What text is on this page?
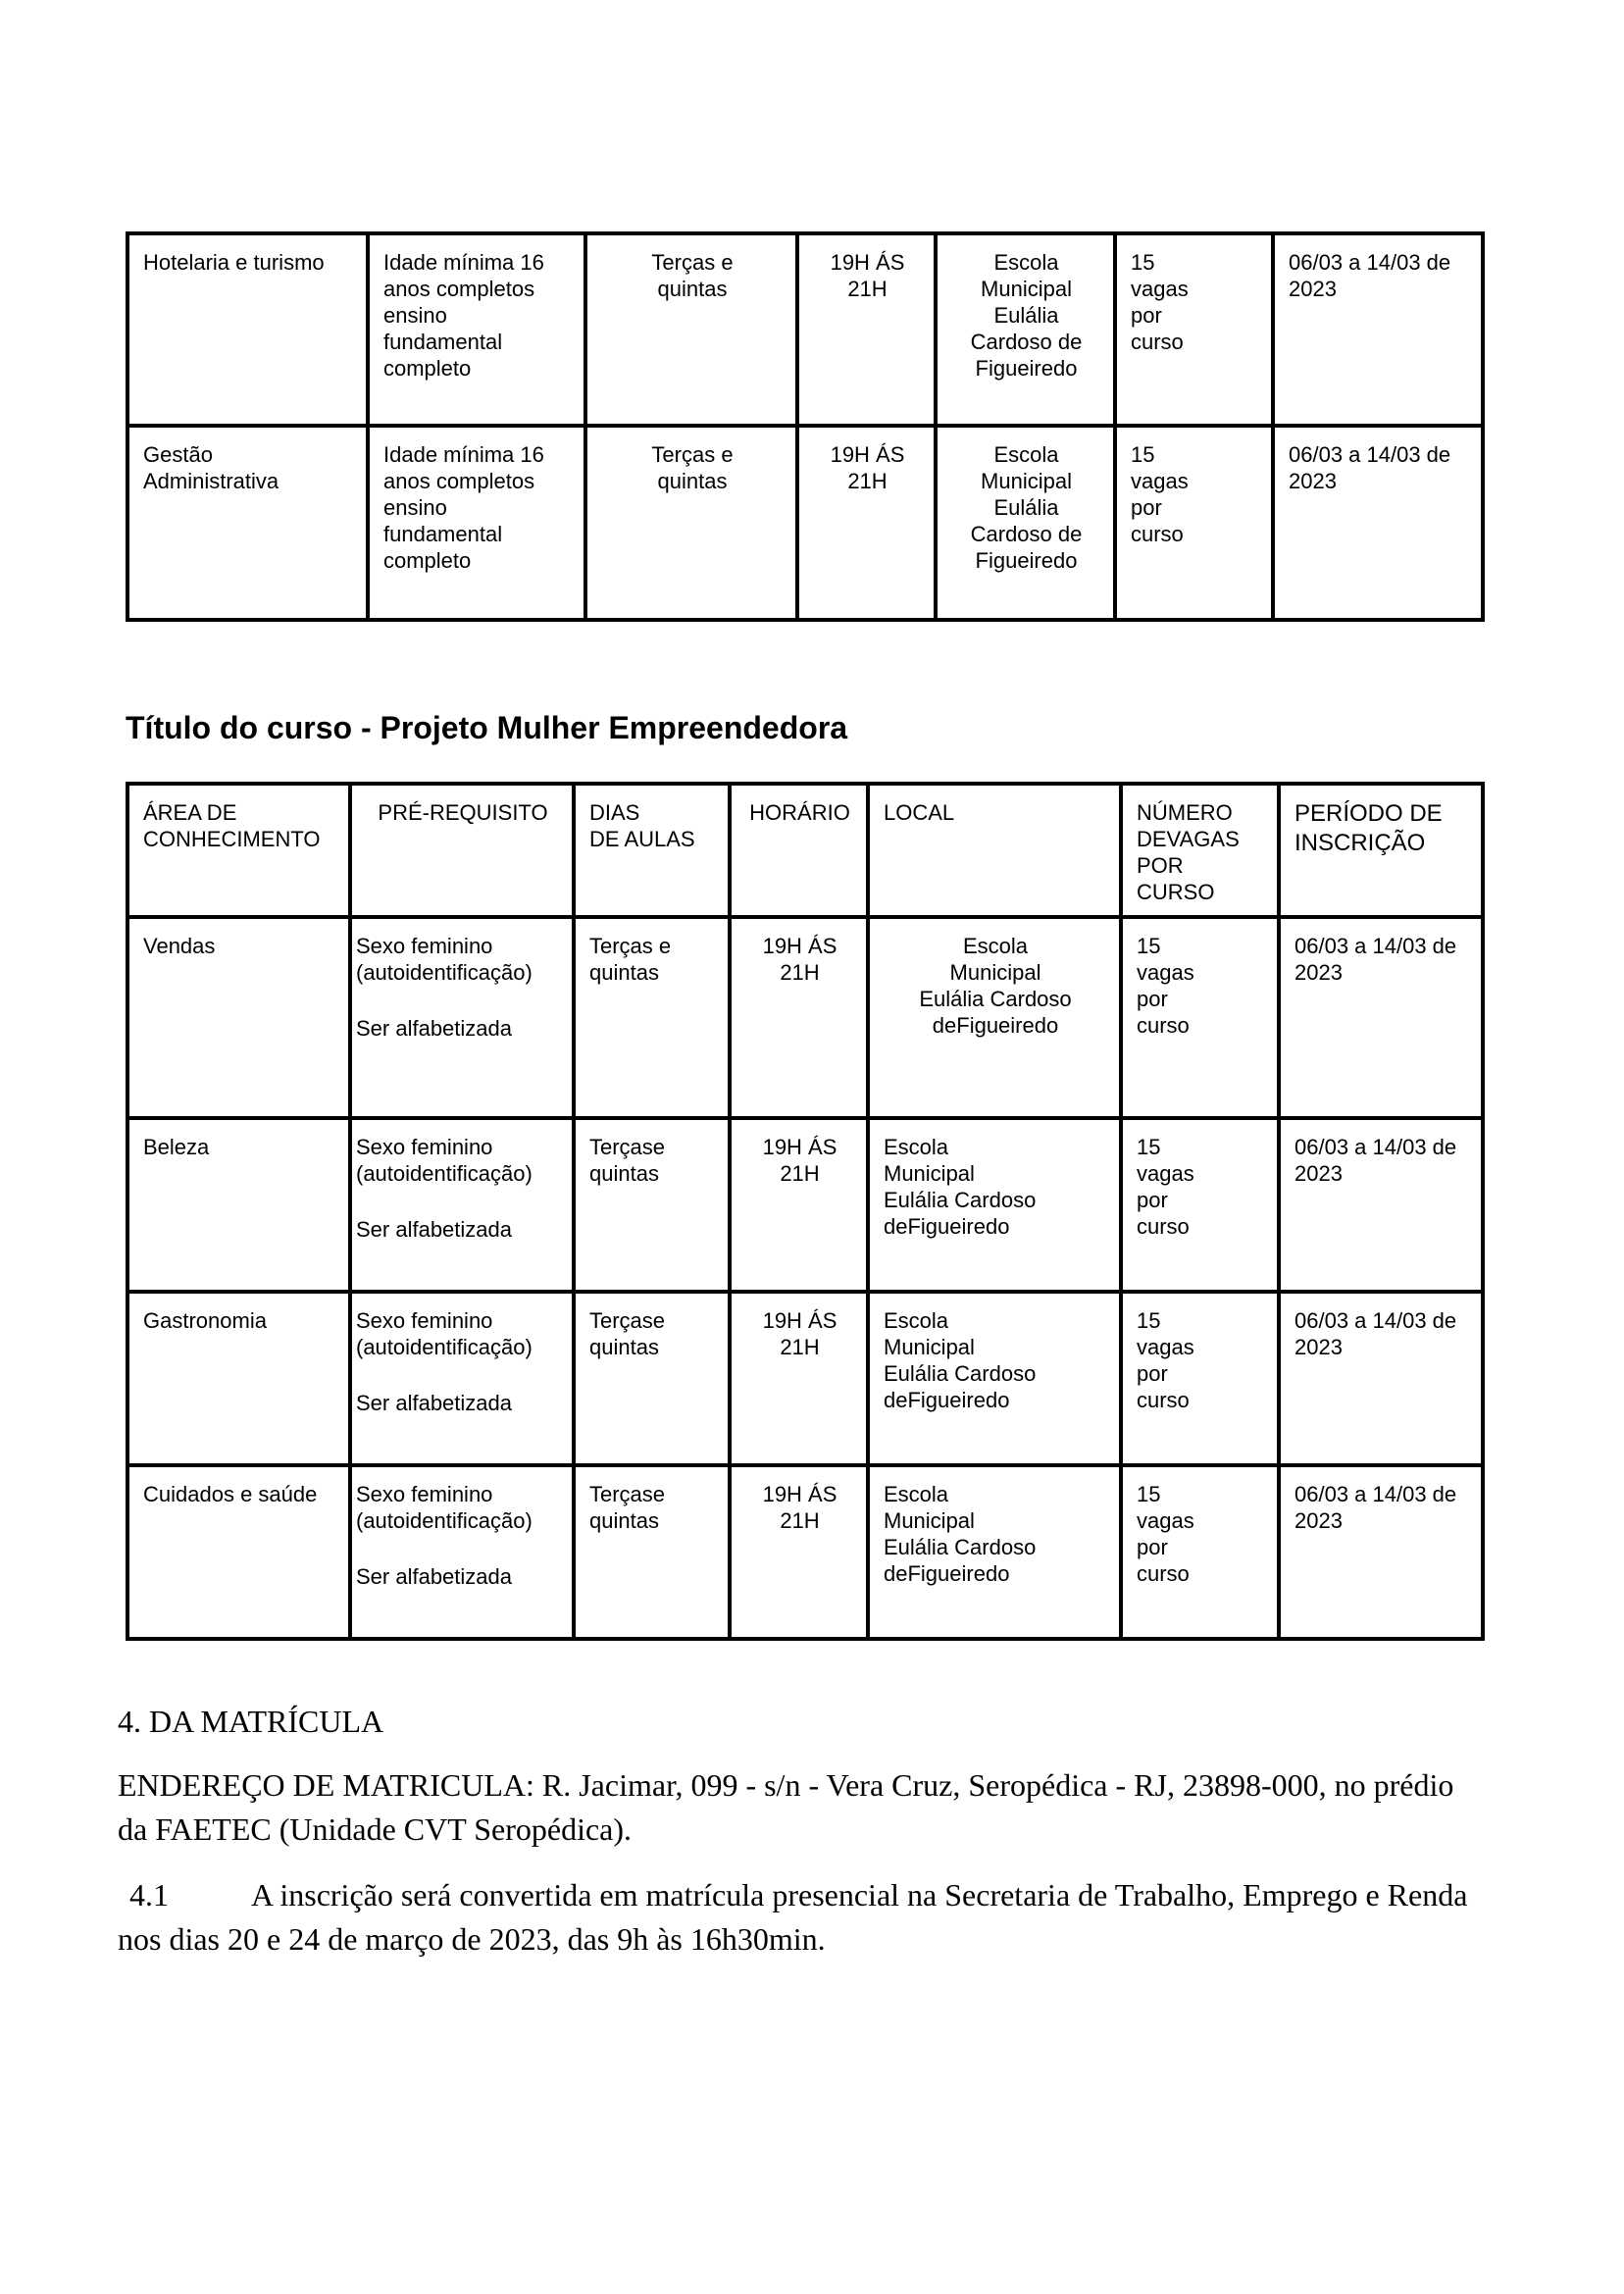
Hotelaria e turismo	Idade mínima 16
anos completos
ensino
fundamental
completo	Terças e
quintas	19H ÁS
21H	Escola
Municipal
Eulália
Cardoso de
Figueiredo	15
vagas
por
curso	06/03 a 14/03 de
2023
Gestão
Administrativa	Idade mínima 16
anos completos
ensino
fundamental
completo	Terças e
quintas	19H ÁS
21H	Escola
Municipal
Eulália
Cardoso de
Figueiredo	15
vagas
por
curso	06/03 a 14/03 de
2023
Título do curso - Projeto Mulher Empreendedora
ÁREA DE
CONHECIMENTO	PRÉ-REQUISITO	DIAS
DE AULAS	HORÁRIO	LOCAL	NÚMERO
DEVAGAS
POR
CURSO	PERÍODO DE
INSCRIÇÃO
Vendas	Sexo feminino
(autoidentificação)
Ser alfabetizada	Terças e
quintas	19H ÁS
21H	Escola
Municipal
Eulália Cardoso
deFigueiredo	15
vagas
por
curso	06/03 a 14/03 de
2023
Beleza	Sexo feminino
(autoidentificação)
Ser alfabetizada	Terçase
quintas	19H ÁS
21H	Escola
Municipal
Eulália Cardoso
deFigueiredo	15
vagas
por
curso	06/03 a 14/03 de
2023
Gastronomia	Sexo feminino
(autoidentificação)
Ser alfabetizada	Terçase
quintas	19H ÁS
21H	Escola
Municipal
Eulália Cardoso
deFigueiredo	15
vagas
por
curso	06/03 a 14/03 de
2023
Cuidados e saúde	Sexo feminino
(autoidentificação)
Ser alfabetizada	Terçase
quintas	19H ÁS
21H	Escola
Municipal
Eulália Cardoso
deFigueiredo	15
vagas
por
curso	06/03 a 14/03 de
2023

4. DA MATRÍCULA

ENDEREÇO DE MATRICULA: R. Jacimar, 099 - s/n - Vera Cruz, Seropédica - RJ, 23898-000, no prédio da FAETEC (Unidade CVT Seropédica).

4.1	A inscrição será convertida em matrícula presencial na Secretaria de Trabalho, Emprego e Renda nos dias 20 e 24 de março de 2023, das 9h às 16h30min.
